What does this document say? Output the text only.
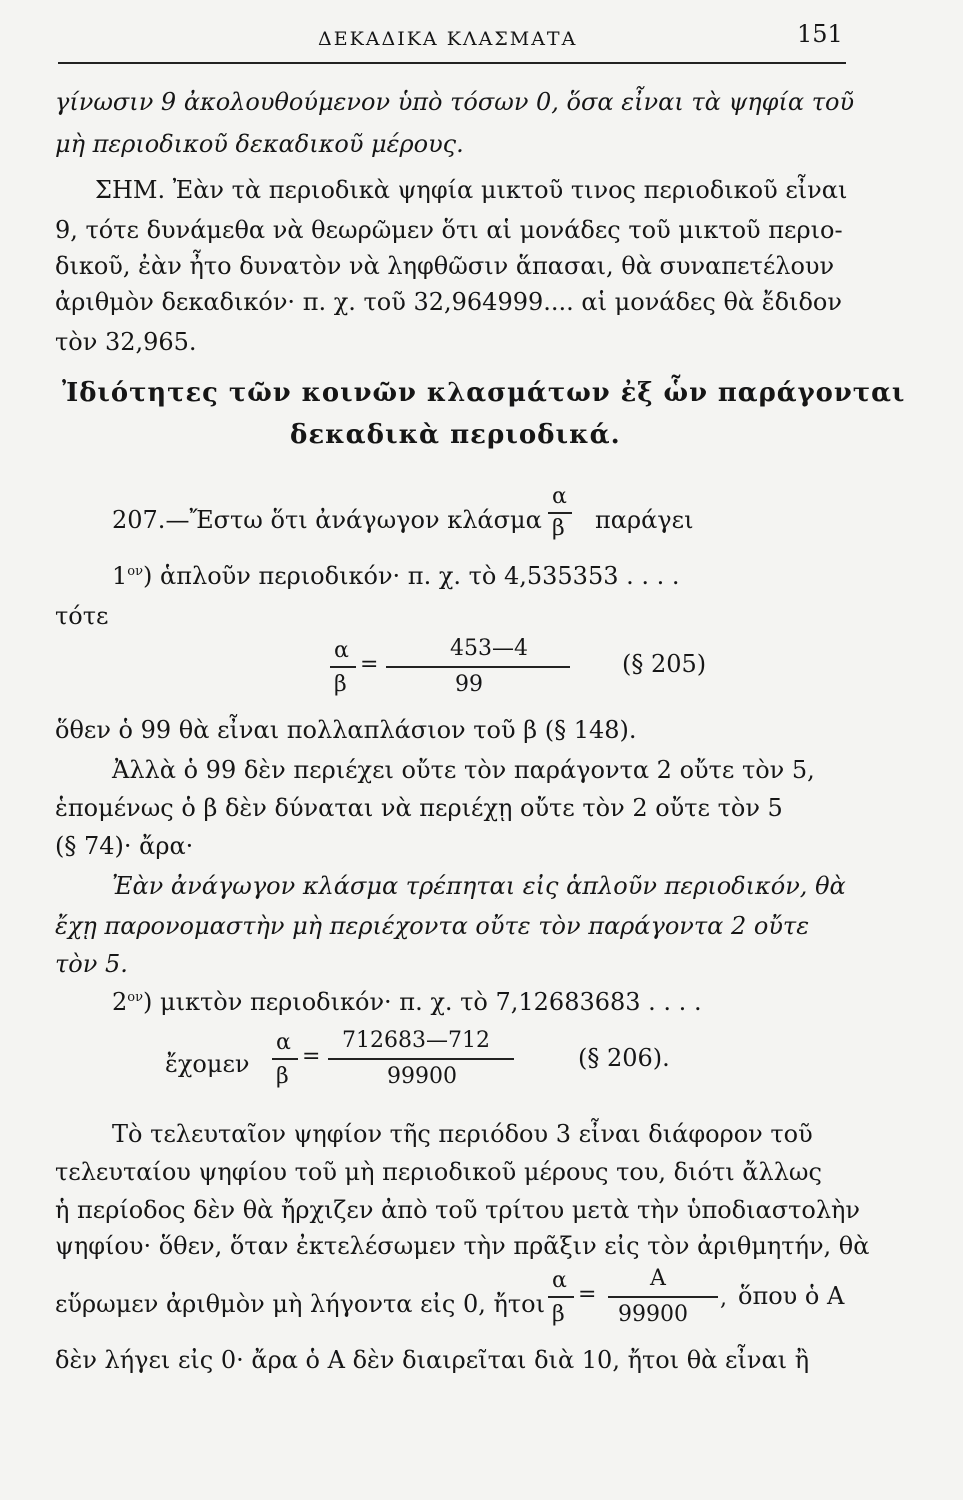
ΔΕΚΑΔΙΚΑ ΚΛΑΣΜΑΤΑ	151
γίνωσιν 9 ἀκολουθούμενον ὑπὸ τόσων 0, ὅσα εἶναι τὰ ψηφία τοῦ
μὴ περιοδικοῦ δεκαδικοῦ μέρους.
ΣΗΜ. Ἐὰν τὰ περιοδικὰ ψηφία μικτοῦ τινος περιοδικοῦ εἶναι
9, τότε δυνάμεθα νὰ θεωρῶμεν ὅτι αἱ μονάδες τοῦ μικτοῦ περιο-
δικοῦ, ἐὰν ἦτο δυνατὸν νὰ ληφθῶσιν ἅπασαι, θὰ συναπετέλουν
ἀριθμὸν δεκαδικόν· π. χ. τοῦ 32,964999.... αἱ μονάδες θὰ ἔδιδον
τὸν 32,965.
Ἰδιότητες τῶν κοινῶν κλασμάτων ἐξ ὧν παράγονται
δεκαδικὰ περιοδικά.
207.—Ἔστω ὅτι ἀνάγωγον κλάσμα
α
β παράγει
$1^{o\nu}$) ἁπλοῦν περιοδικόν· π. χ. τὸ 4,535353 . . . .
τότε
α
β
=
453—4
99
(§ 205)
ὅθεν ὁ 99 θὰ εἶναι πολλαπλάσιον τοῦ β (§ 148).
Ἀλλὰ ὁ 99 δὲν περιέχει οὔτε τὸν παράγοντα 2 οὔτε τὸν 5,
ἑπομένως ὁ β δὲν δύναται νὰ περιέχῃ οὔτε τὸν 2 οὔτε τὸν 5
(§ 74)· ἄρα·
Ἐὰν ἀνάγωγον κλάσμα τρέπηται εἰς ἁπλοῦν περιοδικόν, θὰ
ἔχῃ παρονομαστὴν μὴ περιέχοντα οὔτε τὸν παράγοντα 2 οὔτε
τὸν 5.
$2^{o\nu}$) μικτὸν περιοδικόν· π. χ. τὸ 7,12683683 . . . .
ἔχομεν
α
β
=
712683—712
99900
(§ 206).
Τὸ τελευταῖον ψηφίον τῆς περιόδου 3 εἶναι διάφορον τοῦ
τελευταίου ψηφίου τοῦ μὴ περιοδικοῦ μέρους του, διότι ἄλλως
ἡ περίοδος δὲν θὰ ἤρχιζεν ἀπὸ τοῦ τρίτου μετὰ τὴν ὑποδιαστολὴν
ψηφίου· ὅθεν, ὅταν ἐκτελέσωμεν τὴν πρᾶξιν εἰς τὸν ἀριθμητήν, θὰ
εὕρωμεν ἀριθμὸν μὴ λήγοντα εἰς 0, ἤτοι
α
β
=
Α
99900
, ὅπου ὁ Α
δὲν λήγει εἰς 0· ἄρα ὁ Α δὲν διαιρεῖται διὰ 10, ἤτοι θὰ εἶναι ἢ
